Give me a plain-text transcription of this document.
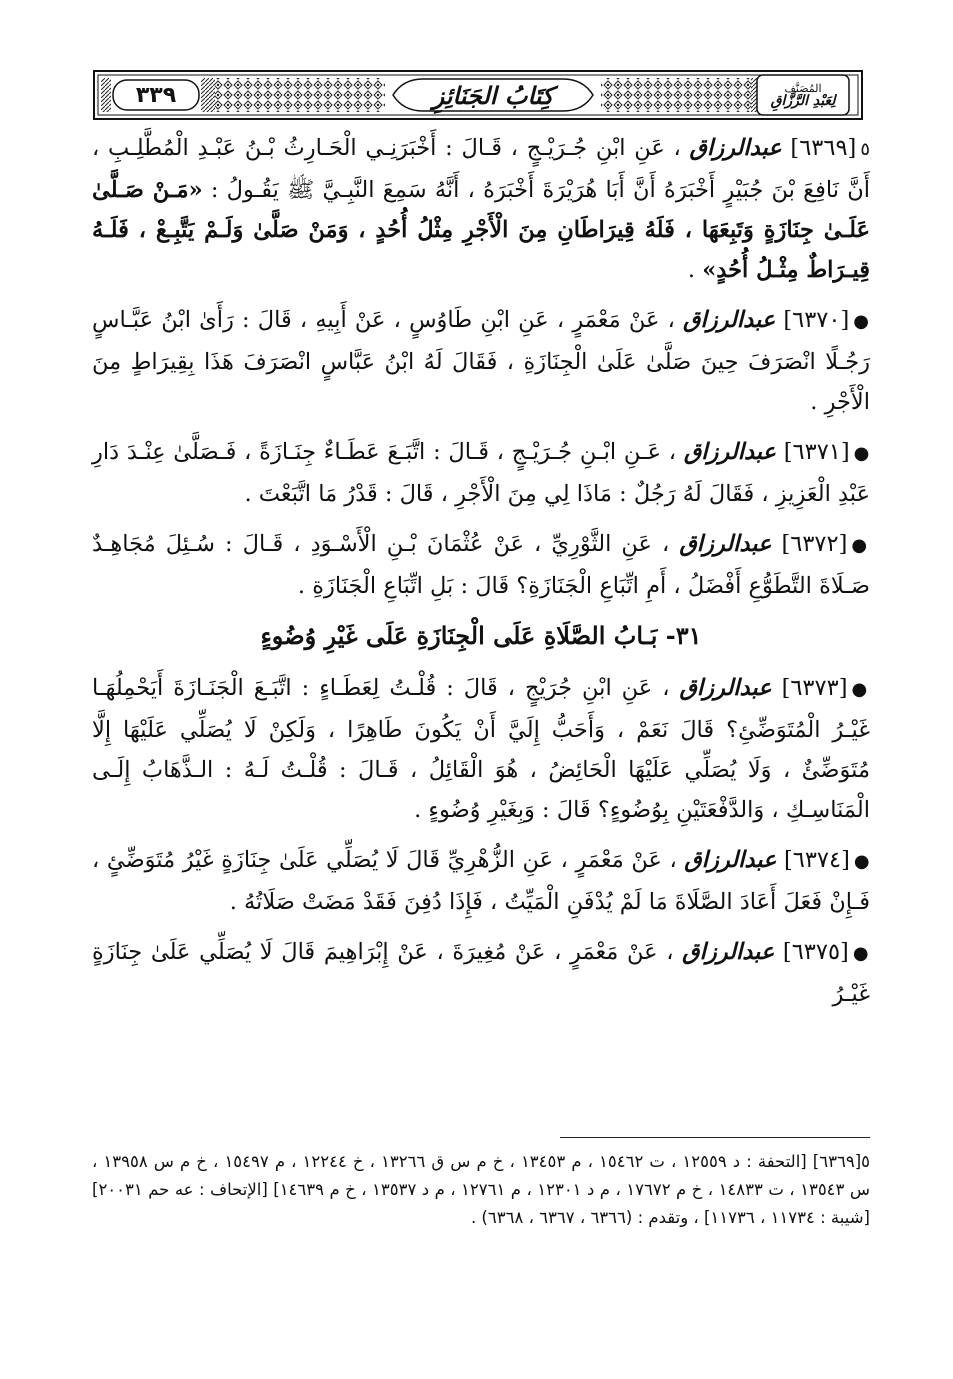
٣٣٩	كِتَابُ الجَنَائِزِ	المُصَنَّف
لِعَبْدِ الرَّزَّاقِ

٥[٦٣٦٩] عبدالرزاق ، عَنِ ابْنِ جُـرَيْـجٍ ، قَـالَ : أَخْبَرَنِـي الْحَـارِثُ بْـنُ عَبْـدِ الْمُطَّلِـبِ ، أَنَّ نَافِعَ بْنَ جُبَيْرٍ أَخْبَرَهُ أَنَّ أَبَا هُرَيْرَةَ أَخْبَرَهُ ، أَنَّهُ سَمِعَ النَّبِـيَّ ﷺ يَقُـولُ : «مَـنْ صَـلَّىٰ عَلَـىٰ جِنَازَةٍ وَتَبِعَهَا ، فَلَهُ قِيرَاطَانِ مِنَ الْأَجْرِ مِثْلُ أُحُدٍ ، وَمَنْ صَلَّىٰ وَلَـمْ يَتَّبِـعْ ، فَلَـهُ قِيـرَاطٌ مِثْـلُ أُحُدٍ» .

●[٦٣٧٠] عبدالرزاق ، عَنْ مَعْمَرٍ ، عَنِ ابْنِ طَاوُسٍ ، عَنْ أَبِيهِ ، قَالَ : رَأَىٰ ابْنُ عَبَّـاسٍ رَجُـلًا انْصَرَفَ حِينَ صَلَّىٰ عَلَىٰ الْجِنَازَةِ ، فَقَالَ لَهُ ابْنُ عَبَّاسٍ انْصَرَفَ هَذَا بِقِيرَاطٍ مِنَ الْأَجْرِ .

●[٦٣٧١] عبدالرزاق ، عَـنِ ابْـنِ جُـرَيْـجٍ ، قَـالَ : اتَّبَـعَ عَطَـاءٌ جِنَـازَةً ، فَـصَلَّىٰ عِنْـدَ دَارِ عَبْدِ الْعَزِيزِ ، فَقَالَ لَهُ رَجُلٌ : مَاذَا لِي مِنَ الْأَجْرِ ، قَالَ : قَدْرُ مَا اتَّبَعْتَ .

●[٦٣٧٢] عبدالرزاق ، عَنِ الثَّوْرِيِّ ، عَنْ عُثْمَانَ بْـنِ الْأَسْـوَدِ ، قَـالَ : سُـئِلَ مُجَاهِـدٌ صَـلَاةَ التَّطَوُّعِ أَفْضَلُ ، أَمِ اتِّبَاعِ الْجَنَازَةِ؟ قَالَ : بَلِ اتِّبَاعِ الْجَنَازَةِ .

٣١- بَـابُ الصَّلَاةِ عَلَى الْجِنَازَةِ عَلَى غَيْرِ وُضُوءٍ

●[٦٣٧٣] عبدالرزاق ، عَنِ ابْنِ جُرَيْجٍ ، قَالَ : قُلْـتُ لِعَطَـاءٍ : اتَّبَـعَ الْجَنَـازَةَ أَيَحْمِلُهَـا غَيْـرُ الْمُتَوَضِّئِ؟ قَالَ نَعَمْ ، وَأَحَبُّ إِلَيَّ أَنْ يَكُونَ طَاهِرًا ، وَلَكِنْ لَا يُصَلِّي عَلَيْهَا إِلَّا مُتَوَضِّئٌ ، وَلَا يُصَلِّي عَلَيْهَا الْحَائِضُ ، هُوَ الْقَائِلُ ، قَـالَ : قُلْـتُ لَـهُ : الـذَّهَابُ إِلَـى الْمَنَاسِـكِ ، وَالدَّفْعَتَيْنِ بِوُضُوءٍ؟ قَالَ : وَبِغَيْرِ وُضُوءٍ .

●[٦٣٧٤] عبدالرزاق ، عَنْ مَعْمَرٍ ، عَنِ الزُّهْرِيِّ قَالَ لَا يُصَلِّي عَلَىٰ جِنَازَةٍ غَيْرُ مُتَوَضِّئٍ ، فَـإِنْ فَعَلَ أَعَادَ الصَّلَاةَ مَا لَمْ يُدْفَنِ الْمَيِّتُ ، فَإِذَا دُفِنَ فَقَدْ مَضَتْ صَلَاتُهُ .

●[٦٣٧٥] عبدالرزاق ، عَنْ مَعْمَرٍ ، عَنْ مُغِيرَةَ ، عَنْ إِبْرَاهِيمَ قَالَ لَا يُصَلِّي عَلَىٰ جِنَازَةٍ غَيْـرُ

٥[٦٣٦٩] [التحفة : د ١٢٥٥٩ ، ت ١٥٤٦٢ ، م ١٣٤٥٣ ، خ م س ق ١٣٢٦٦ ، خ ١٢٢٤٤ ، م ١٥٤٩٧ ، خ م س ١٣٩٥٨ ، س ١٣٥٤٣ ، ت ١٤٨٣٣ ، خ م ١٧٦٧٢ ، م د ١٢٣٠١ ، م ١٢٧٦١ ، م د ١٣٥٣٧ ، خ م ١٤٦٣٩] [الإتحاف : عه حم ٢٠٠٣١] [شيبة : ١١٧٣٤ ، ١١٧٣٦] ، وتقدم : (٦٣٦٦ ، ٦٣٦٧ ، ٦٣٦٨) .
